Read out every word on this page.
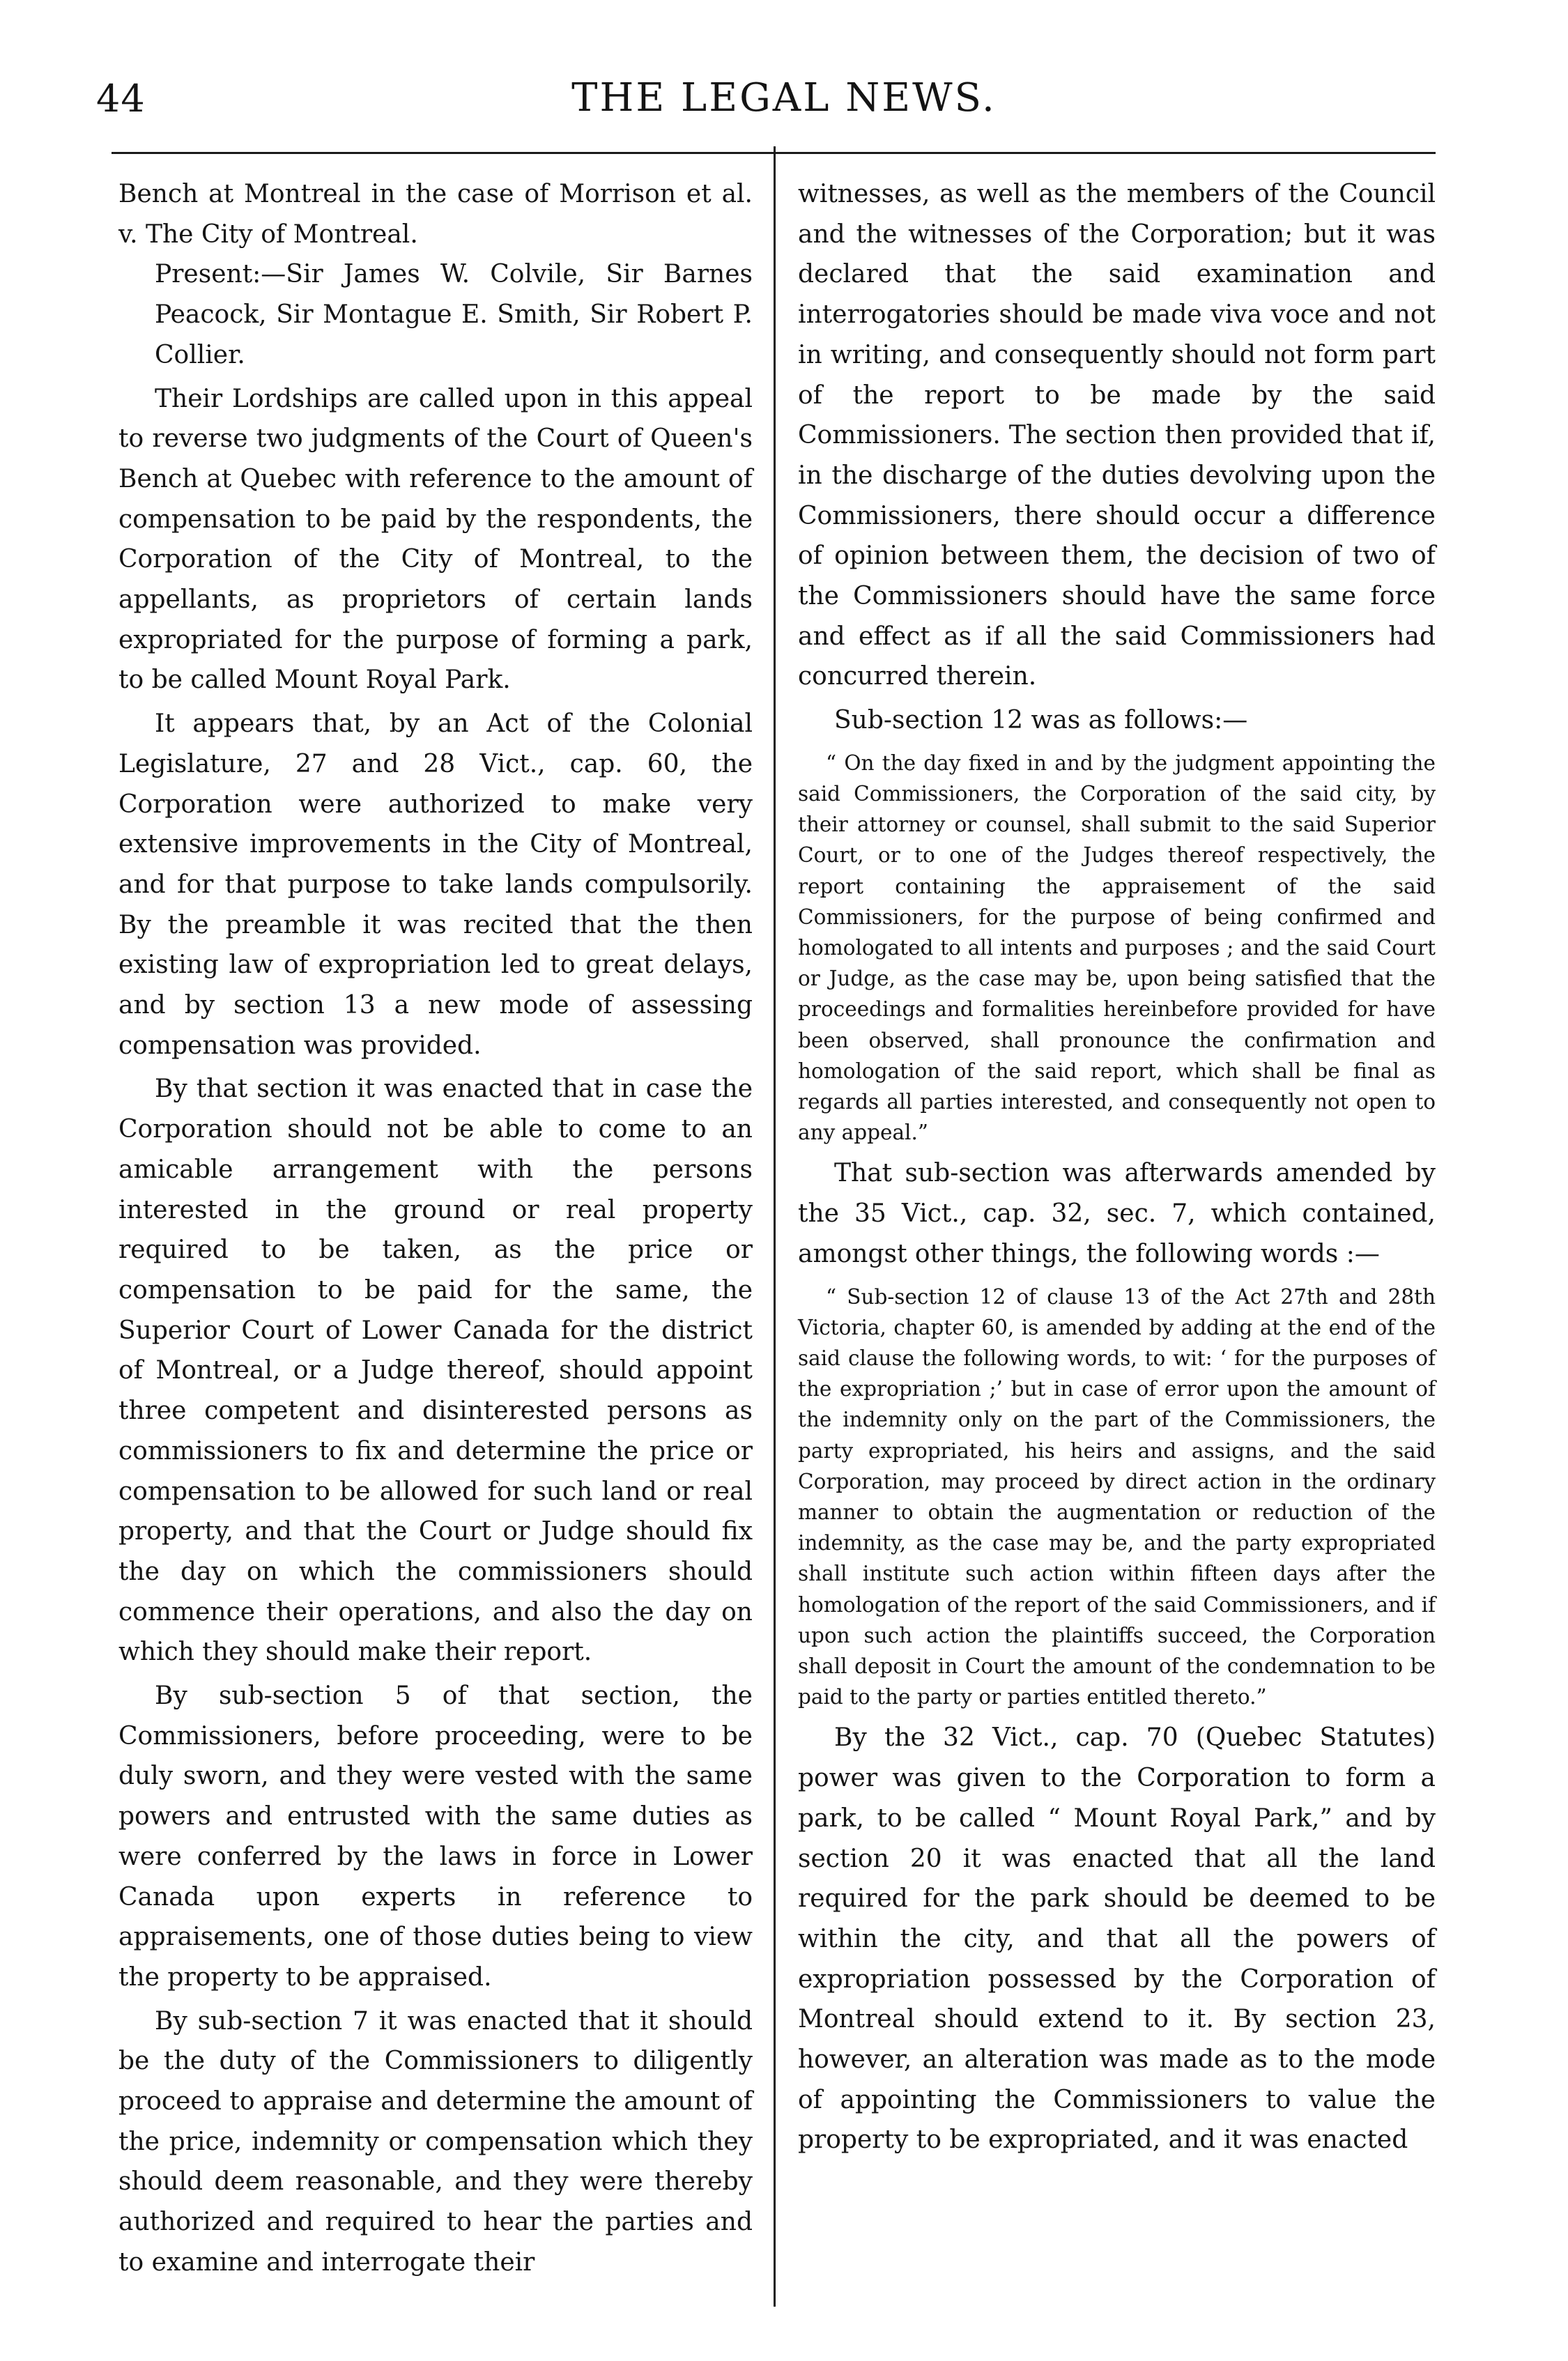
44	THE LEGAL NEWS.

Bench at Montreal in the case of Morrison et al. v. The City of Montreal.

Present:—Sir James W. Colvile, Sir Barnes Peacock, Sir Montague E. Smith, Sir Robert P. Collier.

Their Lordships are called upon in this appeal to reverse two judgments of the Court of Queen's Bench at Quebec with reference to the amount of compensation to be paid by the respondents, the Corporation of the City of Montreal, to the appellants, as proprietors of certain lands expropriated for the purpose of forming a park, to be called Mount Royal Park.

It appears that, by an Act of the Colonial Legislature, 27 and 28 Vict., cap. 60, the Corporation were authorized to make very extensive improvements in the City of Montreal, and for that purpose to take lands compulsorily. By the preamble it was recited that the then existing law of expropriation led to great delays, and by section 13 a new mode of assessing compensation was provided.

By that section it was enacted that in case the Corporation should not be able to come to an amicable arrangement with the persons interested in the ground or real property required to be taken, as the price or compensation to be paid for the same, the Superior Court of Lower Canada for the district of Montreal, or a Judge thereof, should appoint three competent and disinterested persons as commissioners to fix and determine the price or compensation to be allowed for such land or real property, and that the Court or Judge should fix the day on which the commissioners should commence their operations, and also the day on which they should make their report.

By sub-section 5 of that section, the Commissioners, before proceeding, were to be duly sworn, and they were vested with the same powers and entrusted with the same duties as were conferred by the laws in force in Lower Canada upon experts in reference to appraisements, one of those duties being to view the property to be appraised.

By sub-section 7 it was enacted that it should be the duty of the Commissioners to diligently proceed to appraise and determine the amount of the price, indemnity or compensation which they should deem reasonable, and they were thereby authorized and required to hear the parties and to examine and interrogate their

witnesses, as well as the members of the Council and the witnesses of the Corporation; but it was declared that the said examination and interrogatories should be made viva voce and not in writing, and consequently should not form part of the report to be made by the said Commissioners. The section then provided that if, in the discharge of the duties devolving upon the Commissioners, there should occur a difference of opinion between them, the decision of two of the Commissioners should have the same force and effect as if all the said Commissioners had concurred therein.

Sub-section 12 was as follows:—

“ On the day fixed in and by the judgment appointing the said Commissioners, the Corporation of the said city, by their attorney or counsel, shall submit to the said Superior Court, or to one of the Judges thereof respectively, the report containing the appraisement of the said Commissioners, for the purpose of being confirmed and homologated to all intents and purposes ; and the said Court or Judge, as the case may be, upon being satisfied that the proceedings and formalities hereinbefore provided for have been observed, shall pronounce the confirmation and homologation of the said report, which shall be final as regards all parties interested, and consequently not open to any appeal.”

That sub-section was afterwards amended by the 35 Vict., cap. 32, sec. 7, which contained, amongst other things, the following words :—

“ Sub-section 12 of clause 13 of the Act 27th and 28th Victoria, chapter 60, is amended by adding at the end of the said clause the following words, to wit: ‘ for the purposes of the expropriation ;’ but in case of error upon the amount of the indemnity only on the part of the Commissioners, the party expropriated, his heirs and assigns, and the said Corporation, may proceed by direct action in the ordinary manner to obtain the augmentation or reduction of the indemnity, as the case may be, and the party expropriated shall institute such action within fifteen days after the homologation of the report of the said Commissioners, and if upon such action the plaintiffs succeed, the Corporation shall deposit in Court the amount of the condemnation to be paid to the party or parties entitled thereto.”

By the 32 Vict., cap. 70 (Quebec Statutes) power was given to the Corporation to form a park, to be called “ Mount Royal Park,” and by section 20 it was enacted that all the land required for the park should be deemed to be within the city, and that all the powers of expropriation possessed by the Corporation of Montreal should extend to it. By section 23, however, an alteration was made as to the mode of appointing the Commissioners to value the property to be expropriated, and it was enacted
